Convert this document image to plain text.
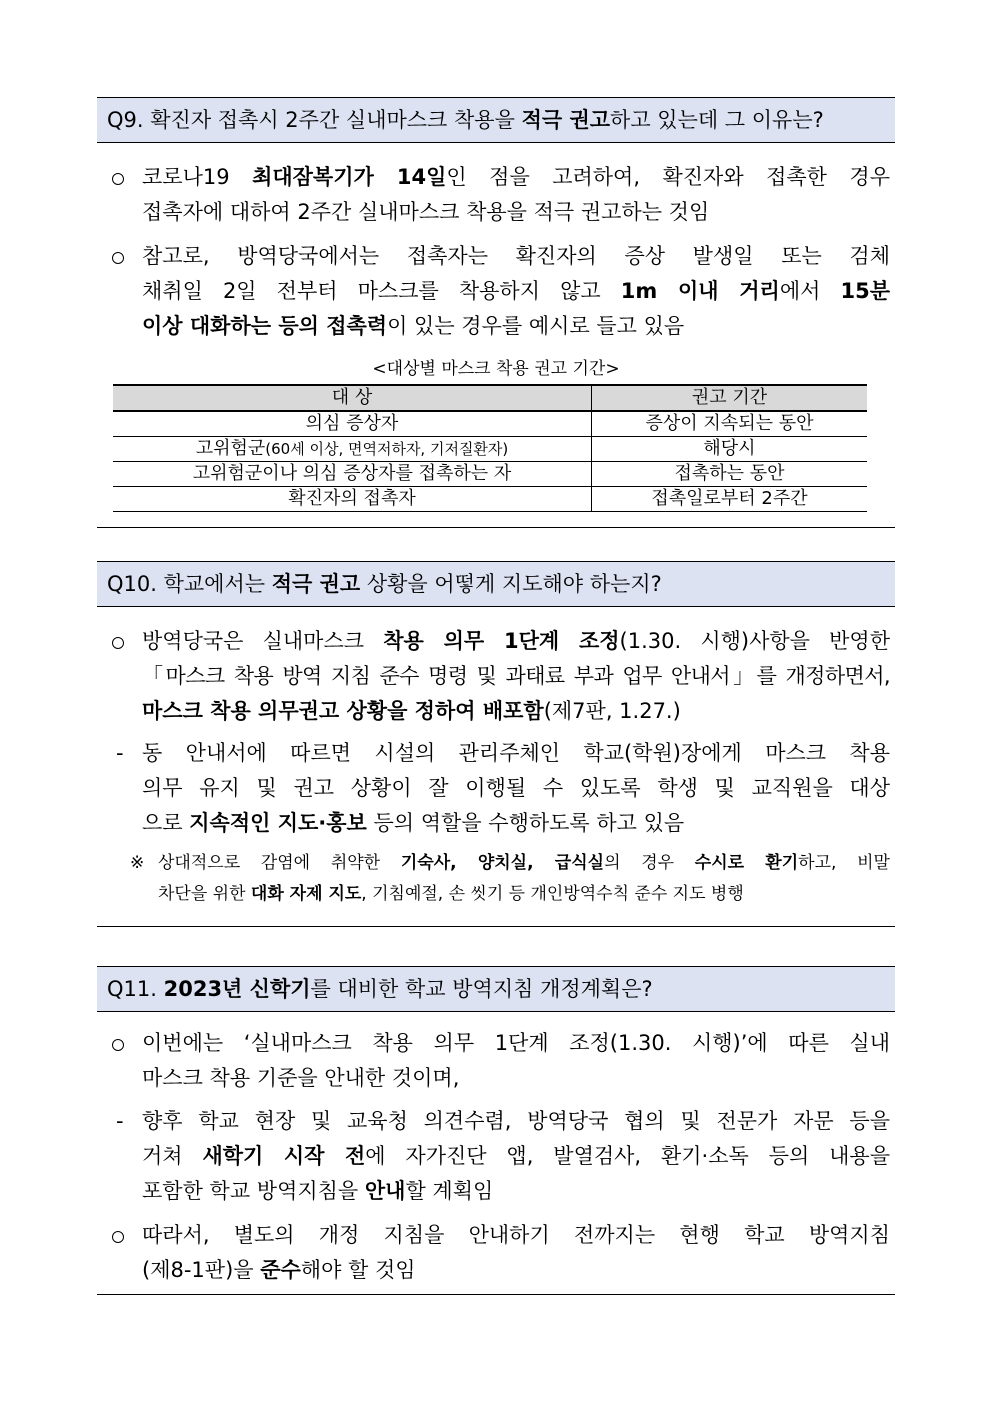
Q9. 확진자 접촉시 2주간 실내마스크 착용을 적극 권고하고 있는데 그 이유는?
코로나19 최대잠복기가 14일인 점을 고려하여, 확진자와 접촉한 경우
접촉자에 대하여 2주간 실내마스크 착용을 적극 권고하는 것임
참고로, 방역당국에서는 접촉자는 확진자의 증상 발생일 또는 검체
채취일 2일 전부터 마스크를 착용하지 않고 1m 이내 거리에서 15분
이상 대화하는 등의 접촉력이 있는 경우를 예시로 들고 있음
<대상별 마스크 착용 권고 기간>
대 상	권고 기간
의심 증상자	증상이 지속되는 동안
고위험군(60세 이상, 면역저하자, 기저질환자)	해당시
고위험군이나 의심 증상자를 접촉하는 자	접촉하는 동안
확진자의 접촉자	접촉일로부터 2주간
Q10. 학교에서는 적극 권고 상황을 어떻게 지도해야 하는지?
방역당국은 실내마스크 착용 의무 1단계 조정(1.30. 시행)사항을 반영한
「마스크 착용 방역 지침 준수 명령 및 과태료 부과 업무 안내서」를 개정하면서,
마스크 착용 의무권고 상황을 정하여 배포함(제7판, 1.27.)
- 동 안내서에 따르면 시설의 관리주체인 학교(학원)장에게 마스크 착용
의무 유지 및 권고 상황이 잘 이행될 수 있도록 학생 및 교직원을 대상
으로 지속적인 지도·홍보 등의 역할을 수행하도록 하고 있음
※ 상대적으로 감염에 취약한 기숙사, 양치실, 급식실의 경우 수시로 환기하고, 비말
차단을 위한 대화 자제 지도, 기침예절, 손 씻기 등 개인방역수칙 준수 지도 병행
Q11. 2023년 신학기를 대비한 학교 방역지침 개정계획은?
이번에는 ‘실내마스크 착용 의무 1단계 조정(1.30. 시행)’에 따른 실내
마스크 착용 기준을 안내한 것이며,
- 향후 학교 현장 및 교육청 의견수렴, 방역당국 협의 및 전문가 자문 등을
거쳐 새학기 시작 전에 자가진단 앱, 발열검사, 환기·소독 등의 내용을
포함한 학교 방역지침을 안내할 계획임
따라서, 별도의 개정 지침을 안내하기 전까지는 현행 학교 방역지침
(제8-1판)을 준수해야 할 것임
